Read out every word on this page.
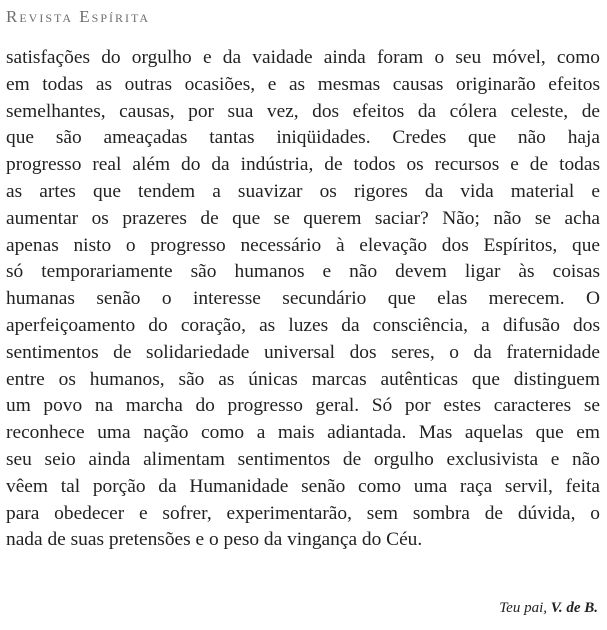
Revista Espírita
satisfações do orgulho e da vaidade ainda foram o seu móvel, como
em todas as outras ocasiões, e as mesmas causas originarão efeitos
semelhantes, causas, por sua vez, dos efeitos da cólera celeste, de
que são ameaçadas tantas iniqüidades. Credes que não haja
progresso real além do da indústria, de todos os recursos e de todas
as artes que tendem a suavizar os rigores da vida material e
aumentar os prazeres de que se querem saciar? Não; não se acha
apenas nisto o progresso necessário à elevação dos Espíritos, que
só temporariamente são humanos e não devem ligar às coisas
humanas senão o interesse secundário que elas merecem. O
aperfeiçoamento do coração, as luzes da consciência, a difusão dos
sentimentos de solidariedade universal dos seres, o da fraternidade
entre os humanos, são as únicas marcas autênticas que distinguem
um povo na marcha do progresso geral. Só por estes caracteres se
reconhece uma nação como a mais adiantada. Mas aquelas que em
seu seio ainda alimentam sentimentos de orgulho exclusivista e não
vêem tal porção da Humanidade senão como uma raça servil, feita
para obedecer e sofrer, experimentarão, sem sombra de dúvida, o
nada de suas pretensões e o peso da vingança do Céu.
Teu pai, V. de B.
